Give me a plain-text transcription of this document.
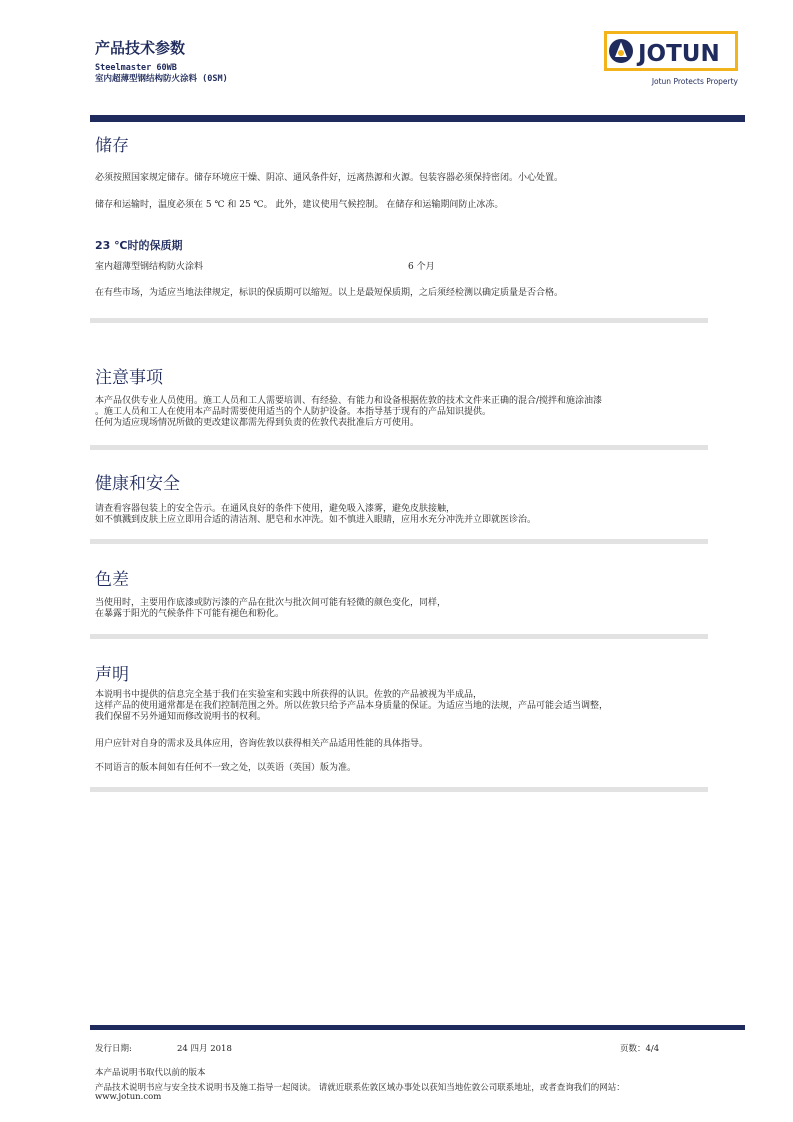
产品技术参数
Steelmaster 60WB
室内超薄型钢结构防火涂料 (0SM)
JOTUN
Jotun Protects Property
储存
必须按照国家规定储存。储存环境应干燥、阴凉、通风条件好，远离热源和火源。包装容器必须保持密闭。小心处置。
储存和运输时，温度必须在 5 ℃ 和 25 ℃。 此外，建议使用气候控制。 在储存和运输期间防止冰冻。
23 ℃时的保质期
室内超薄型钢结构防火涂料	6 个月
在有些市场，为适应当地法律规定，标识的保质期可以缩短。以上是最短保质期，之后须经检测以确定质量是否合格。
注意事项
本产品仅供专业人员使用。施工人员和工人需要培训、有经验、有能力和设备根据佐敦的技术文件来正确的混合/搅拌和施涂油漆
。施工人员和工人在使用本产品时需要使用适当的个人防护设备。本指导基于现有的产品知识提供。
任何为适应现场情况所做的更改建议都需先得到负责的佐敦代表批准后方可使用。
健康和安全
请查看容器包装上的安全告示。在通风良好的条件下使用，避免吸入漆雾，避免皮肤接触，
如不慎溅到皮肤上应立即用合适的清洁剂、肥皂和水冲洗。如不慎进入眼睛，应用水充分冲洗并立即就医诊治。
色差
当使用时，主要用作底漆或防污漆的产品在批次与批次间可能有轻微的颜色变化，同样，
在暴露于阳光的气候条件下可能有褪色和粉化。
声明
本说明书中提供的信息完全基于我们在实验室和实践中所获得的认识。佐敦的产品被视为半成品，
这样产品的使用通常都是在我们控制范围之外。所以佐敦只给予产品本身质量的保证。为适应当地的法规，产品可能会适当调整，
我们保留不另外通知而修改说明书的权利。
用户应针对自身的需求及具体应用，咨询佐敦以获得相关产品适用性能的具体指导。
不同语言的版本间如有任何不一致之处，以英语（英国）版为准。
发行日期:	24 四月 2018	页数：4/4
本产品说明书取代以前的版本
产品技术说明书应与安全技术说明书及施工指导一起阅读。 请就近联系佐敦区域办事处以获知当地佐敦公司联系地址，或者查询我们的网站：
www.jotun.com
